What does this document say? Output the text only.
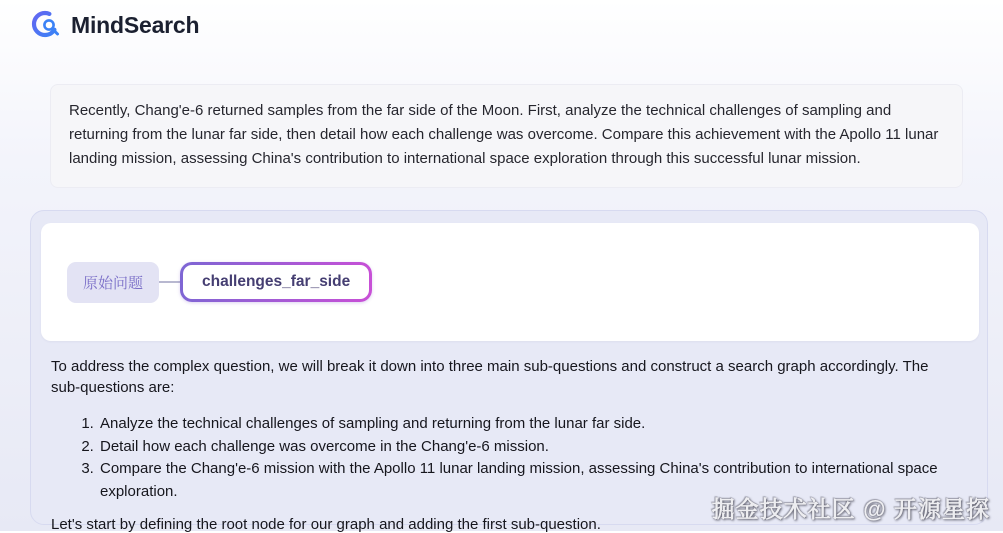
MindSearch
Recently, Chang'e-6 returned samples from the far side of the Moon. First, analyze the technical challenges of sampling and returning from the lunar far side, then detail how each challenge was overcome. Compare this achievement with the Apollo 11 lunar landing mission, assessing China's contribution to international space exploration through this successful lunar mission.
原始问题	challenges_far_side

To address the complex question, we will break it down into three main sub-questions and construct a search graph accordingly. The sub-questions are:

1. Analyze the technical challenges of sampling and returning from the lunar far side.
2. Detail how each challenge was overcome in the Chang'e-6 mission.
3. Compare the Chang'e-6 mission with the Apollo 11 lunar landing mission, assessing China's contribution to international space exploration.

Let's start by defining the root node for our graph and adding the first sub-question.

掘金技术社区 @ 开源星探
